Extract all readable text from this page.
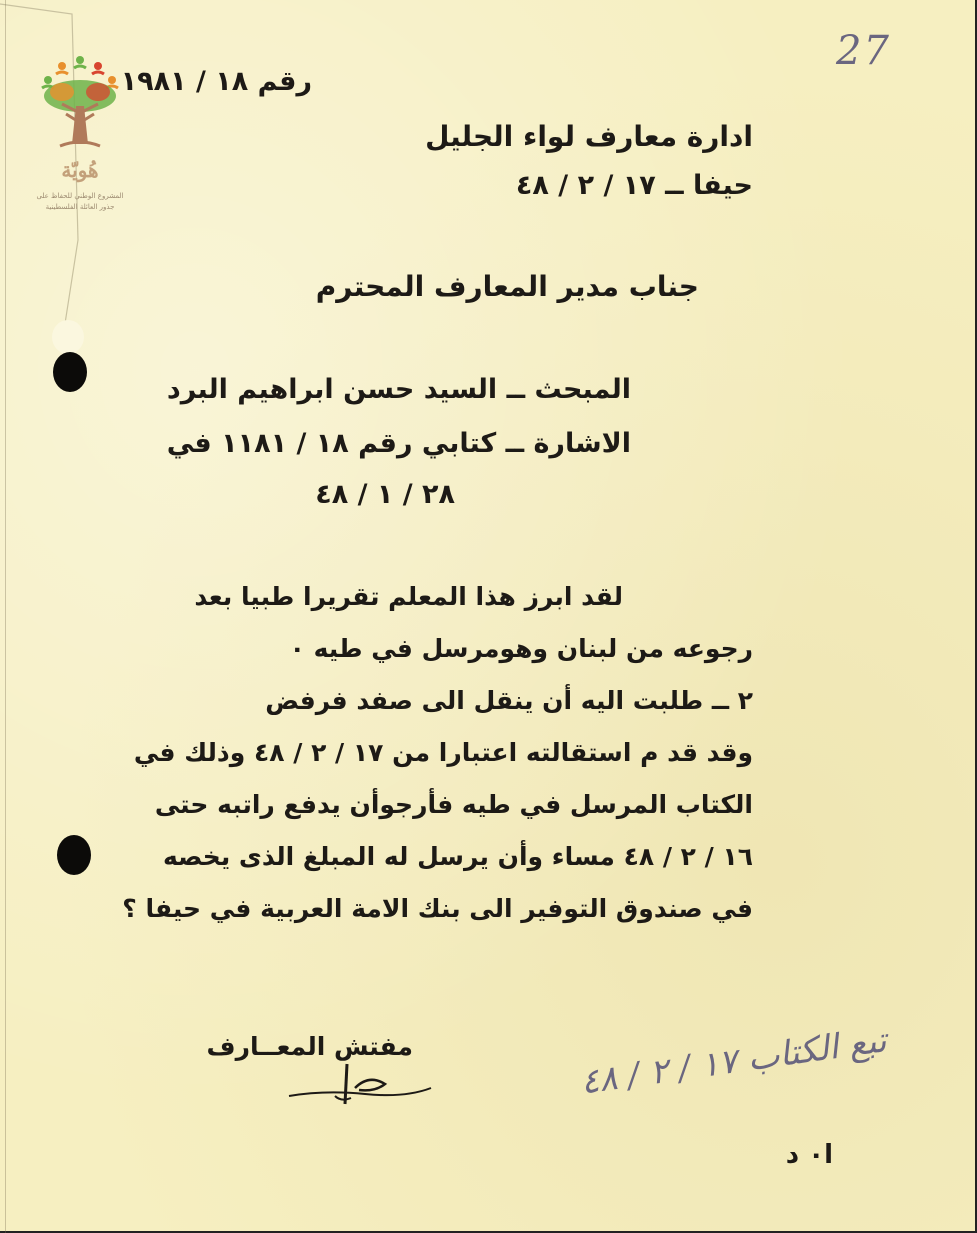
هُويّة
المشروع الوطني للحفاظ على
جذور العائلة الفلسطينية
27
رقم ١٨ / ١٩٨١
ادارة معارف لواء الجليل
حيفا ــ ١٧ / ٢ / ٤٨
جناب مدير المعارف المحترم
المبحث ــ السيد حسن ابراهيم البرد
الاشارة ــ كتابي رقم ١٨ / ١١٨١ في
٢٨ / ١ / ٤٨
لقد ابرز هذا المعلم تقريرا طبيا بعد
رجوعه من لبنان وهومرسل في طيه ٠
٢ ــ طلبت اليه أن ينقل الى صفد فرفض
وقد قد م استقالته اعتبارا من ١٧ / ٢ / ٤٨ وذلك في
الكتاب المرسل في طيه فأرجوأن يدفع راتبه حتى
١٦ / ٢ / ٤٨ مساء وأن يرسل له المبلغ الذى يخصه
في صندوق التوفير الى بنك الامة العربية في حيفا ؟
تبع الكتاب ١٧ / ٢ / ٤٨
مفتش المعــارف
ا٠ د
